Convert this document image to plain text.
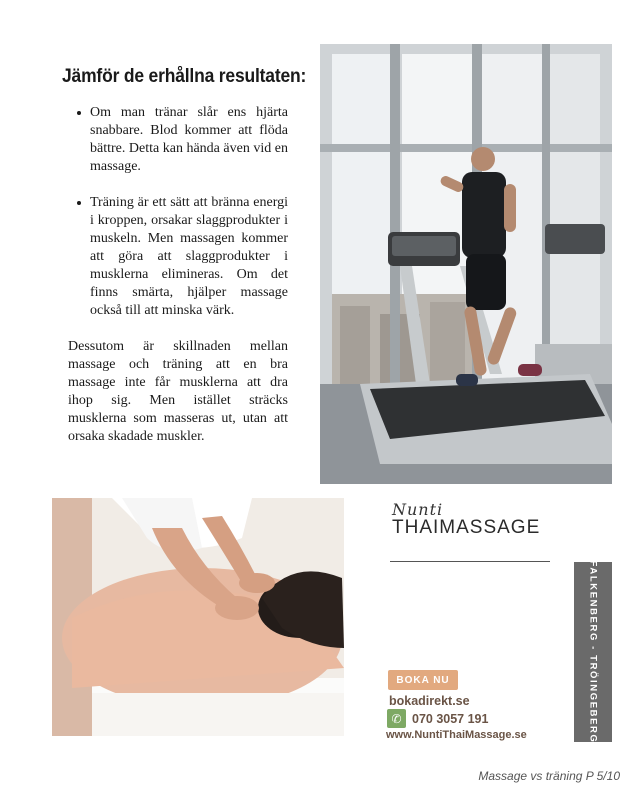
Jämför de erhållna resultaten:
Om man tränar slår ens hjärta snabbare. Blod kommer att flöda bättre. Detta kan hända även vid en massage.
Träning är ett sätt att bränna energi i kroppen, orsakar slaggprodukter i muskeln. Men massagen kommer att göra att slaggprodukter i musklerna elimineras. Om det finns smärta, hjälper massage också till att minska värk.

Dessutom är skillnaden mellan massage och träning att en bra massage inte får musklerna att dra ihop sig. Men istället sträcks musklerna som masseras ut, utan att orsaka skadade muskler.

Nunti
THAIMASSAGE
FALKENBERG - TRÖINGEBERG
BOKA NU
bokadirekt.se
✆ 070 3057 191
www.NuntiThaiMassage.se
Massage vs träning P 5/10
